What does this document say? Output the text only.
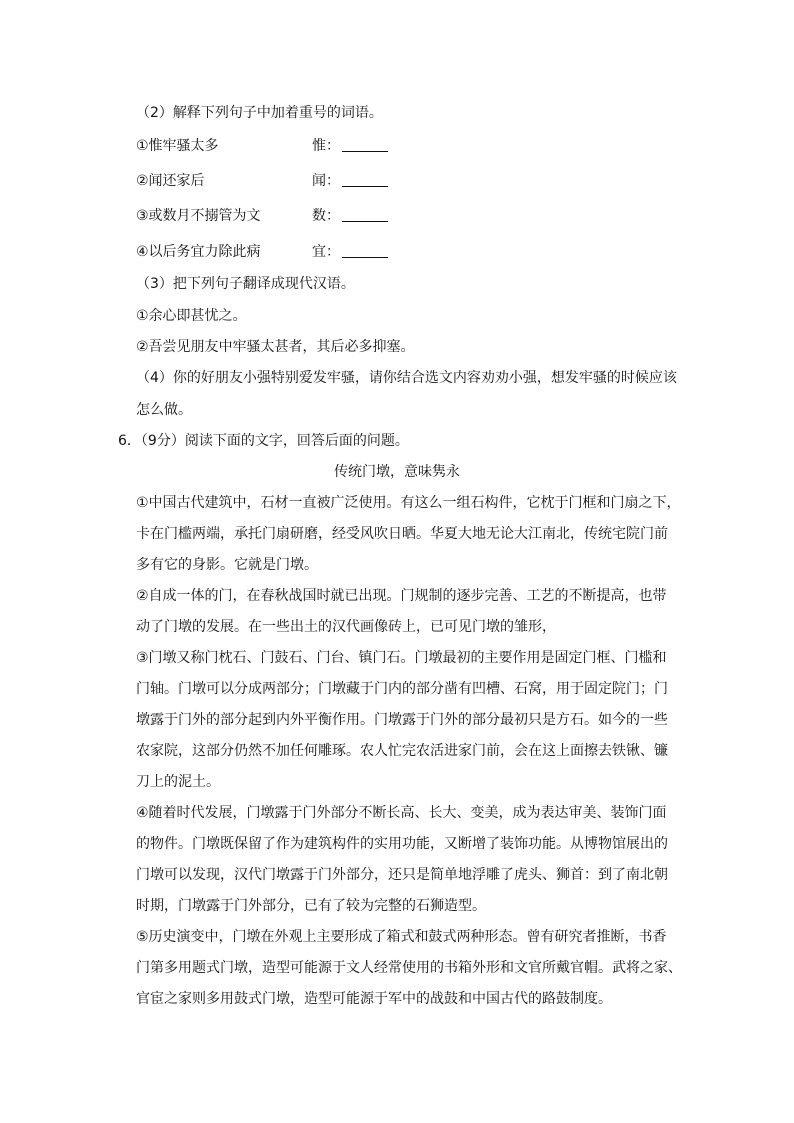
（2）解释下列句子中加着重号的词语。
①惟牢骚太多	惟：
②闻还家后	闻：
③或数月不搦管为文	数：
④以后务宜力除此病	宜：
（3）把下列句子翻译成现代汉语。
①余心即甚忧之。
②吾尝见朋友中牢骚太甚者，其后必多抑塞。
（4）你的好朋友小强特别爱发牢骚，请你结合选文内容劝劝小强，想发牢骚的时候应该
怎么做。
6．（9分）阅读下面的文字，回答后面的问题。
传统门墩，意味隽永
①中国古代建筑中，石材一直被广泛使用。有这么一组石构件，它枕于门框和门扇之下，
卡在门槛两端，承托门扇研磨，经受风吹日晒。华夏大地无论大江南北，传统宅院门前
多有它的身影。它就是门墩。
②自成一体的门，在春秋战国时就已出现。门规制的逐步完善、工艺的不断提高，也带
动了门墩的发展。在一些出土的汉代画像砖上，已可见门墩的雏形，
③门墩又称门枕石、门鼓石、门台、镇门石。门墩最初的主要作用是固定门框、门槛和
门轴。门墩可以分成两部分；门墩藏于门内的部分凿有凹槽、石窝，用于固定院门；门
墩露于门外的部分起到内外平衡作用。门墩露于门外的部分最初只是方石。如今的一些
农家院，这部分仍然不加任何雕琢。农人忙完农活进家门前，会在这上面擦去铁锹、镰
刀上的泥土。
④随着时代发展，门墩露于门外部分不断长高、长大、变美，成为表达审美、装饰门面
的物件。门墩既保留了作为建筑构件的实用功能，又断增了装饰功能。从博物馆展出的
门墩可以发现，汉代门墩露于门外部分，还只是简单地浮雕了虎头、狮首：到了南北朝
时期，门墩露于门外部分，已有了较为完整的石狮造型。
⑤历史演变中，门墩在外观上主要形成了箱式和鼓式两种形态。曾有研究者推断，书香
门第多用题式门墩，造型可能源于文人经常使用的书箱外形和文官所戴官帽。武将之家、
官宦之家则多用鼓式门墩，造型可能源于军中的战鼓和中国古代的路鼓制度。
